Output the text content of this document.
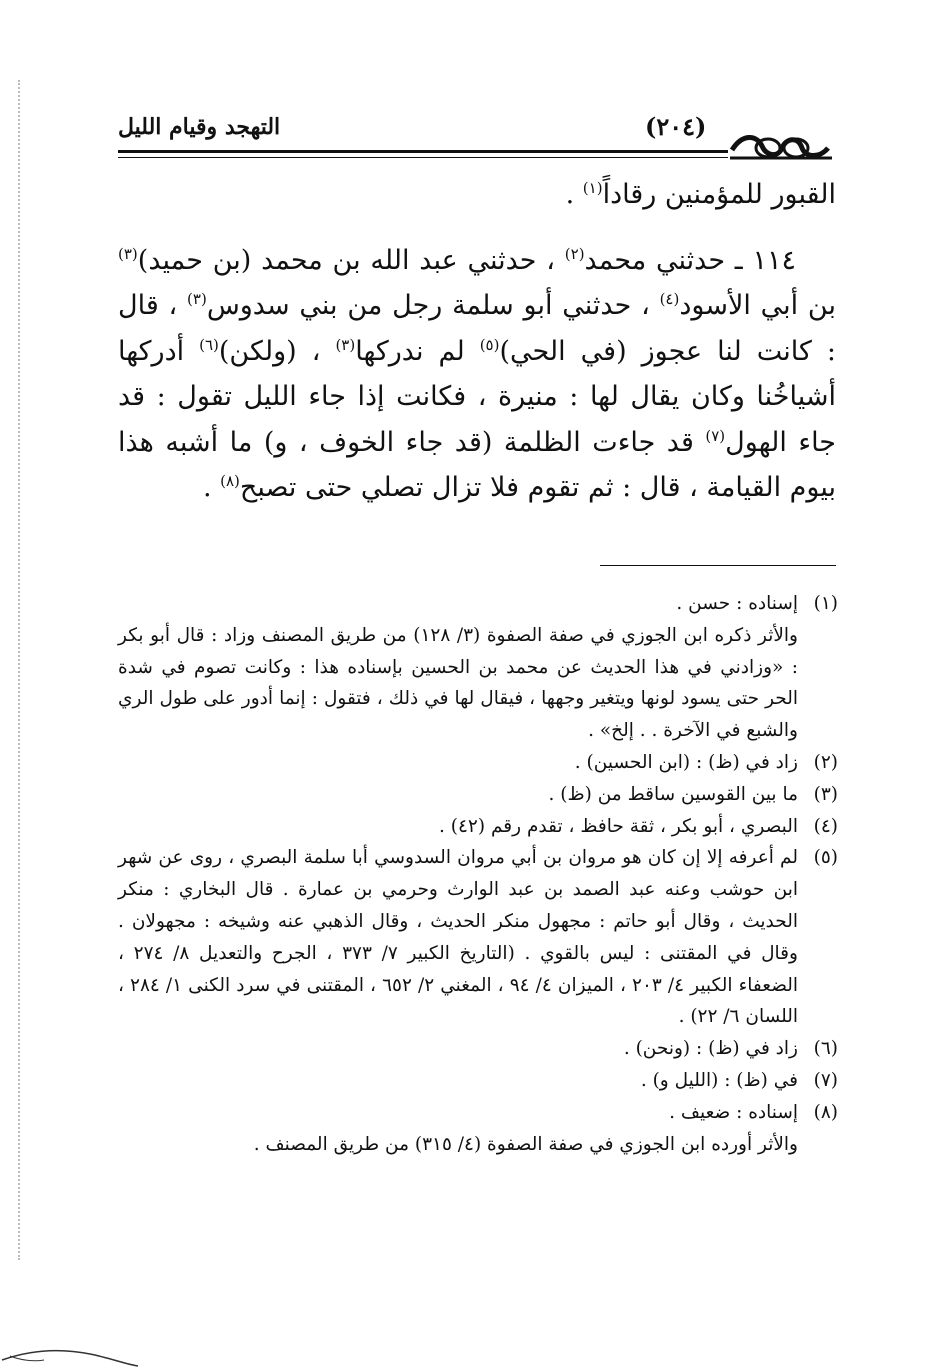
التهجد وقيام الليل	(٢٠٤)

القبور للمؤمنين رقاداً$^{(١)}$ .

١١٤ ـ حدثني محمد$^{(٢)}$ ، حدثني عبد الله بن محمد (بن حميد)$^{(٣)}$ بن أبي الأسود$^{(٤)}$ ، حدثني أبو سلمة رجل من بني سدوس$^{(٣)}$ ، قال : كانت لنا عجوز (في الحي)$^{(٥)}$ لم ندركها$^{(٣)}$ ، (ولكن)$^{(٦)}$ أدركها أشياخُنا وكان يقال لها : منيرة ، فكانت إذا جاء الليل تقول : قد جاء الهول$^{(٧)}$ قد جاءت الظلمة (قد جاء الخوف ، و) ما أشبه هذا بيوم القيامة ، قال : ثم تقوم فلا تزال تصلي حتى تصبح$^{(٨)}$ .

(١)
إسناده : حسن .
والأثر ذكره ابن الجوزي في صفة الصفوة (٣/ ١٢٨) من طريق المصنف وزاد : قال أبو بكر : «وزادني في هذا الحديث عن محمد بن الحسين بإسناده هذا : وكانت تصوم في شدة الحر حتى يسود لونها ويتغير وجهها ، فيقال لها في ذلك ، فتقول : إنما أدور على طول الري والشبع في الآخرة . . إلخ» .
(٢)
زاد في (ظ) : (ابن الحسين) .
(٣)
ما بين القوسين ساقط من (ظ) .
(٤)
البصري ، أبو بكر ، ثقة حافظ ، تقدم رقم (٤٢) .
(٥)
لم أعرفه إلا إن كان هو مروان بن أبي مروان السدوسي أبا سلمة البصري ، روى عن شهر ابن حوشب وعنه عبد الصمد بن عبد الوارث وحرمي بن عمارة . قال البخاري : منكر الحديث ، وقال أبو حاتم : مجهول منكر الحديث ، وقال الذهبي عنه وشيخه : مجهولان . وقال في المقتنى : ليس بالقوي . (التاريخ الكبير ٧/ ٣٧٣ ، الجرح والتعديل ٨/ ٢٧٤ ، الضعفاء الكبير ٤/ ٢٠٣ ، الميزان ٤/ ٩٤ ، المغني ٢/ ٦٥٢ ، المقتنى في سرد الكنى ١/ ٢٨٤ ، اللسان ٦/ ٢٢) .
(٦)
زاد في (ظ) : (ونحن) .
(٧)
في (ظ) : (الليل و) .
(٨)
إسناده : ضعيف .
والأثر أورده ابن الجوزي في صفة الصفوة (٤/ ٣١٥) من طريق المصنف .
